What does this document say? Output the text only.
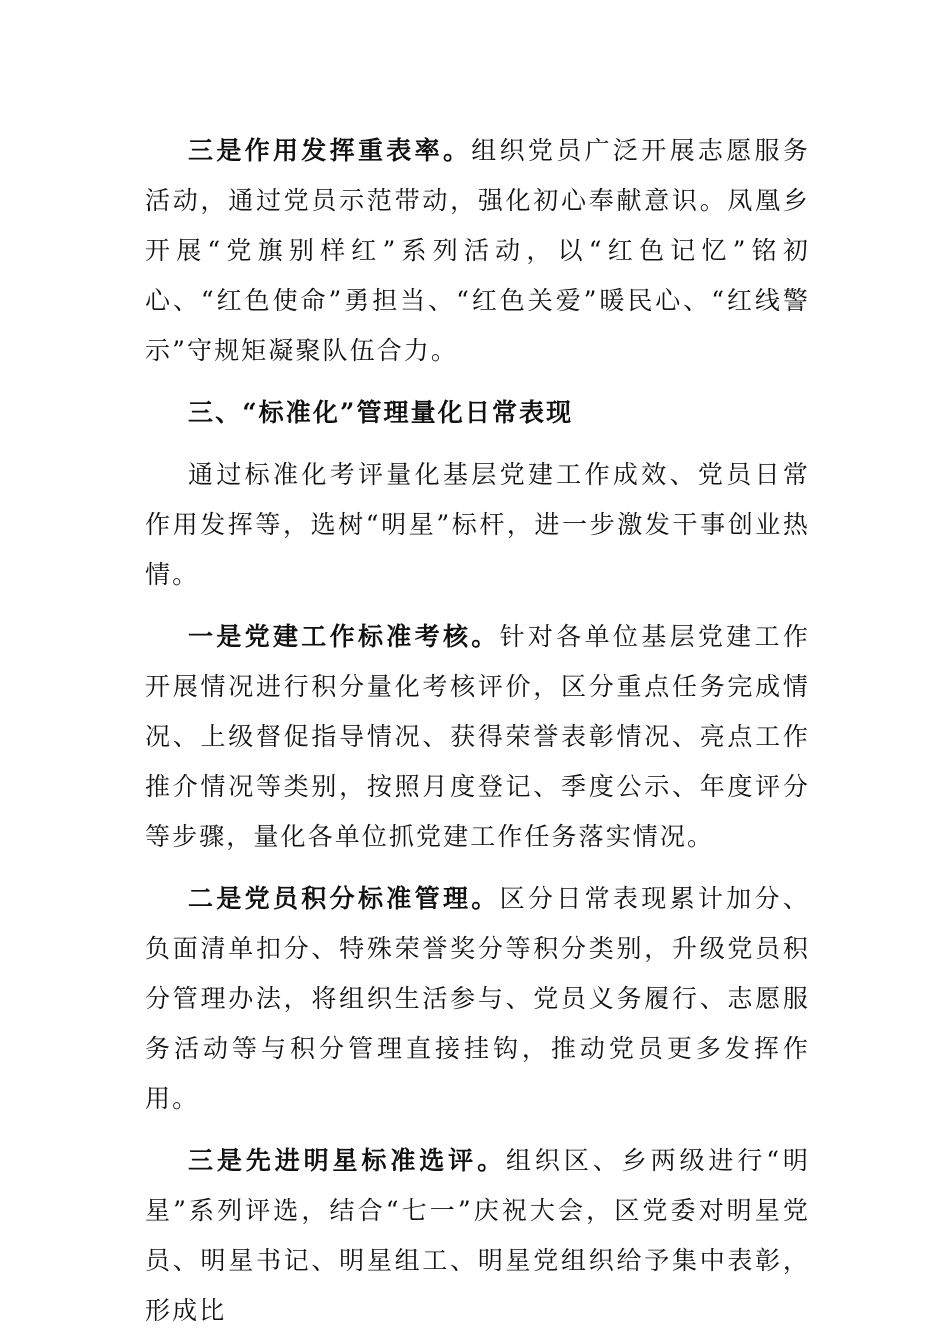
三是作用发挥重表率。组织党员广泛开展志愿服务活动，通过党员示范带动，强化初心奉献意识。凤凰乡开展“党旗别样红”系列活动，以“红色记忆”铭初心、“红色使命”勇担当、“红色关爱”暖民心、“红线警示”守规矩凝聚队伍合力。

三、“标准化”管理量化日常表现

通过标准化考评量化基层党建工作成效、党员日常作用发挥等，选树“明星”标杆，进一步激发干事创业热情。

一是党建工作标准考核。针对各单位基层党建工作开展情况进行积分量化考核评价，区分重点任务完成情况、上级督促指导情况、获得荣誉表彰情况、亮点工作推介情况等类别，按照月度登记、季度公示、年度评分等步骤，量化各单位抓党建工作任务落实情况。

二是党员积分标准管理。区分日常表现累计加分、负面清单扣分、特殊荣誉奖分等积分类别，升级党员积分管理办法，将组织生活参与、党员义务履行、志愿服务活动等与积分管理直接挂钩，推动党员更多发挥作用。

三是先进明星标准选评。组织区、乡两级进行“明星”系列评选，结合“七一”庆祝大会，区党委对明星党员、明星书记、明星组工、明星党组织给予集中表彰，形成比
